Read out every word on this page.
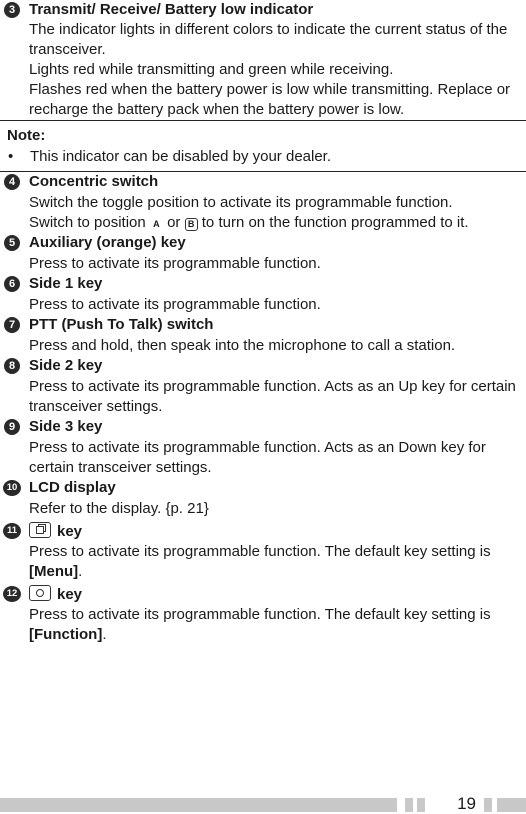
3 Transmit/ Receive/ Battery low indicator

The indicator lights in different colors to indicate the current status of the transceiver.

Lights red while transmitting and green while receiving.

Flashes red when the battery power is low while transmitting. Replace or recharge the battery pack when the battery power is low.

Note:
• This indicator can be disabled by your dealer.
4 Concentric switch

Switch the toggle position to activate its programmable function.

Switch to position A or B to turn on the function programmed to it.

5 Auxiliary (orange) key
Press to activate its programmable function.
6 Side 1 key
Press to activate its programmable function.
7 PTT (Push To Talk) switch
Press and hold, then speak into the microphone to call a station.
8 Side 2 key
Press to activate its programmable function. Acts as an Up key for certain transceiver settings.
9 Side 3 key
Press to activate its programmable function. Acts as an Down key for certain transceiver settings.
10 LCD display
Refer to the display. {p. 21}
11	key
Press to activate its programmable function. The default key setting is [Menu].
12	key
Press to activate its programmable function. The default key setting is [Function].
19
